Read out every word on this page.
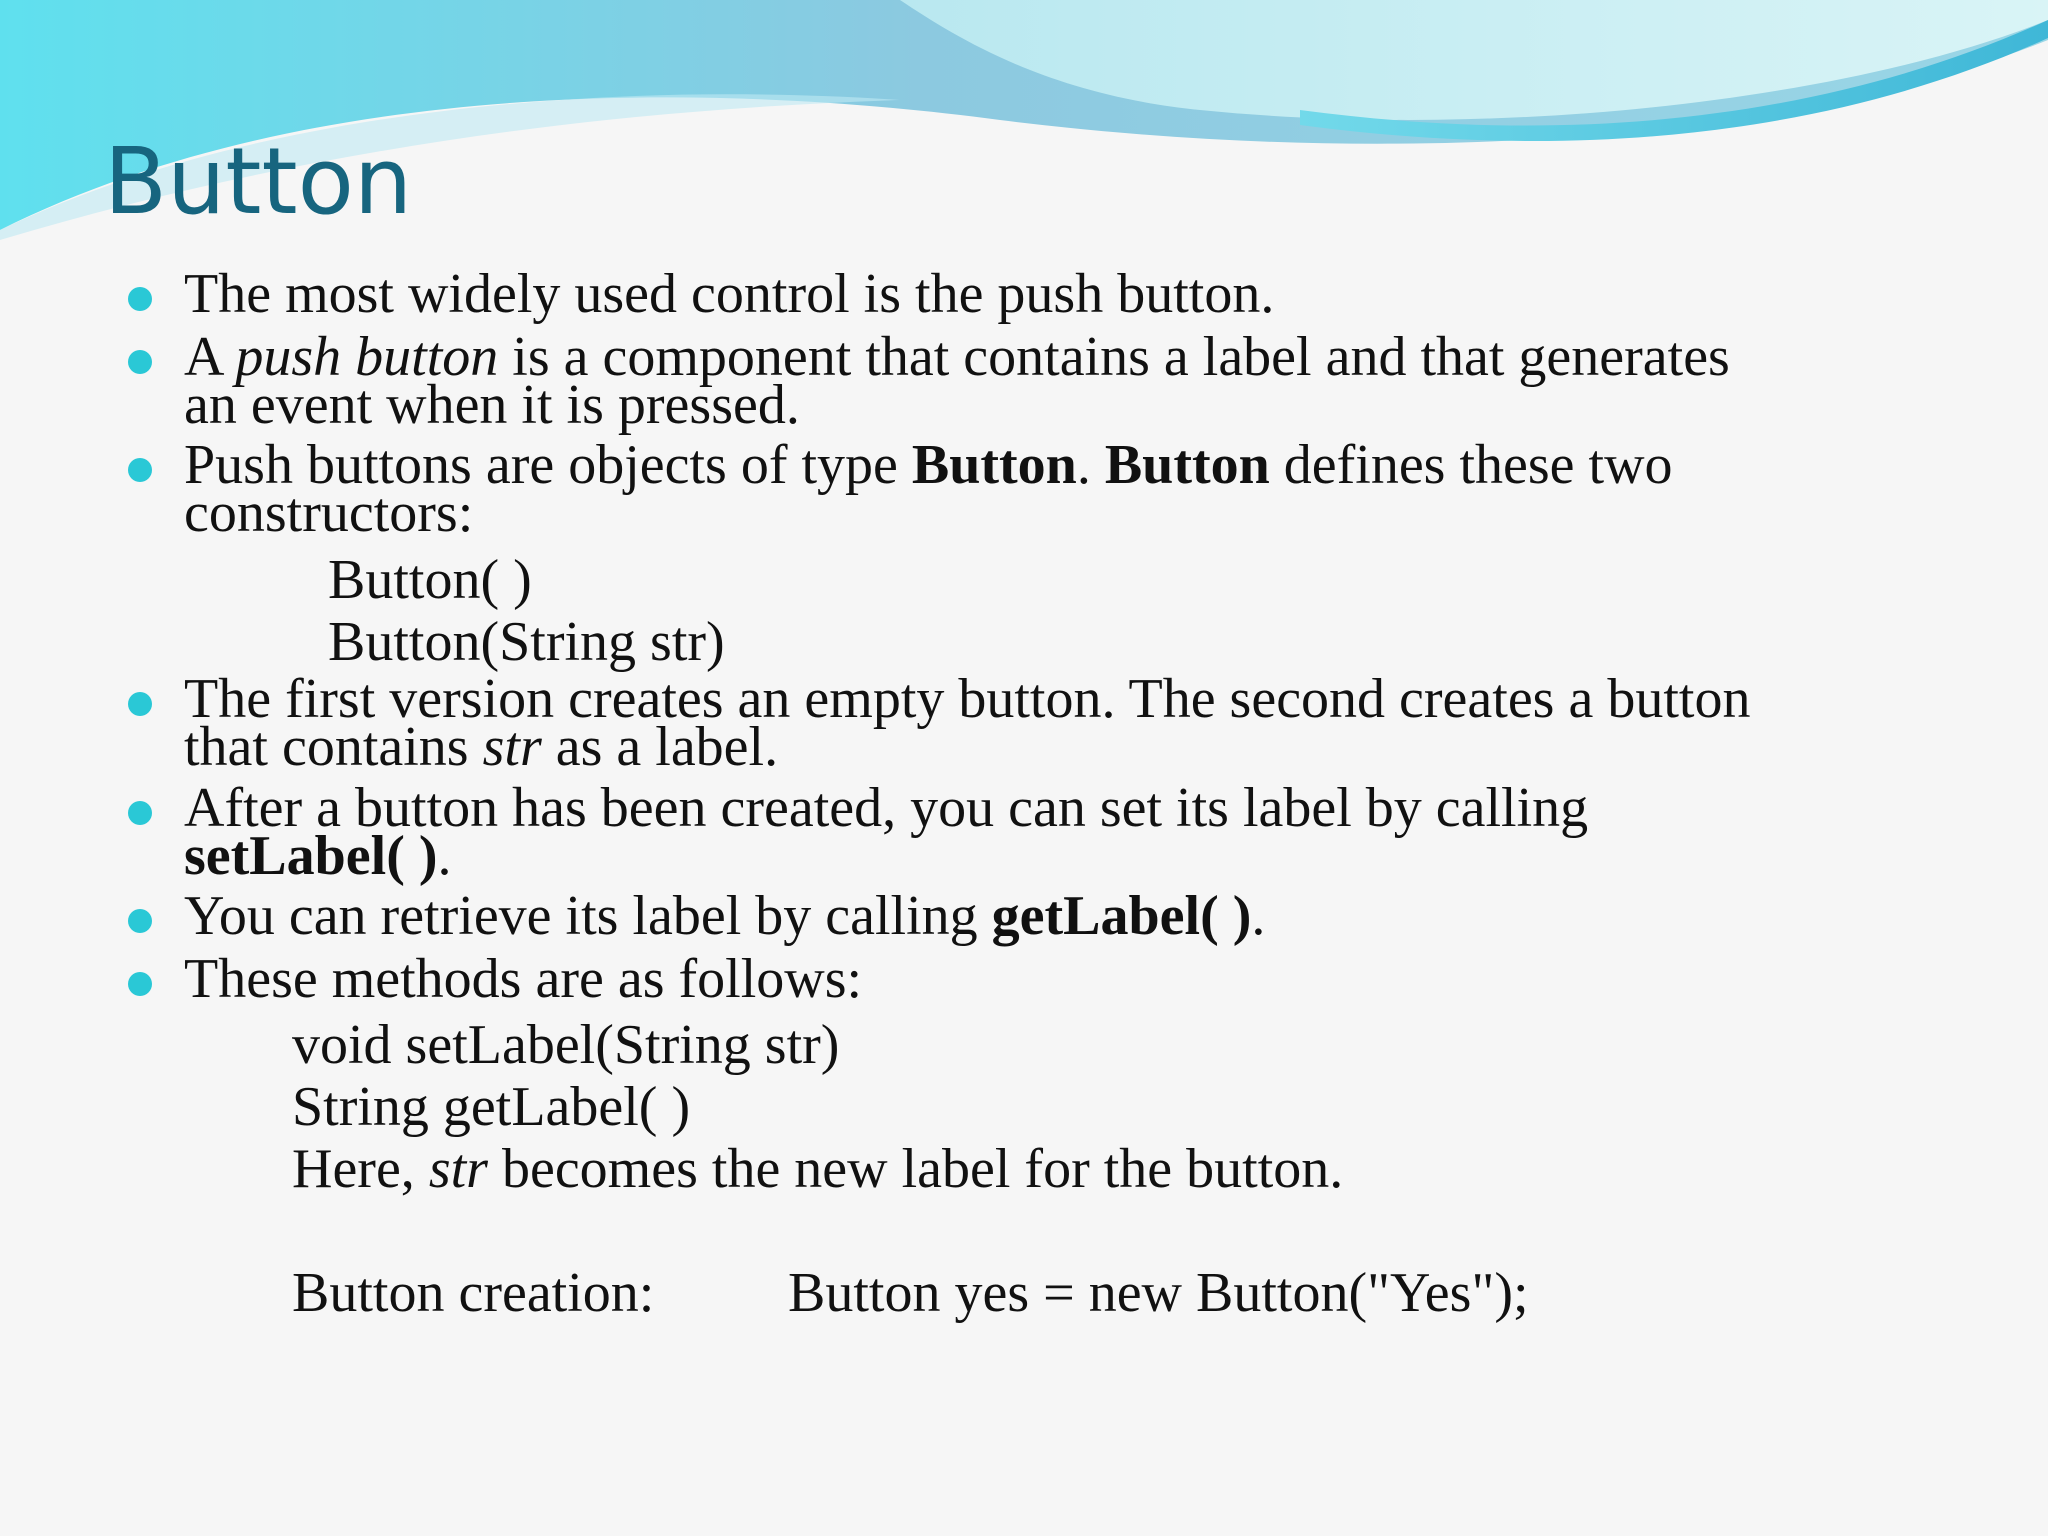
Button

The most widely used control is the push button.

A push button is a component that contains a label and that generates
an event when it is pressed.

Push buttons are objects of type Button. Button defines these two
constructors:

Button( )

Button(String str)

The first version creates an empty button. The second creates a button
that contains str as a label.

After a button has been created, you can set its label by calling
setLabel( ).

You can retrieve its label by calling getLabel( ).

These methods are as follows:

void setLabel(String str)

String getLabel( )

Here, str becomes the new label for the button.

Button creation: Button yes = new Button("Yes");
